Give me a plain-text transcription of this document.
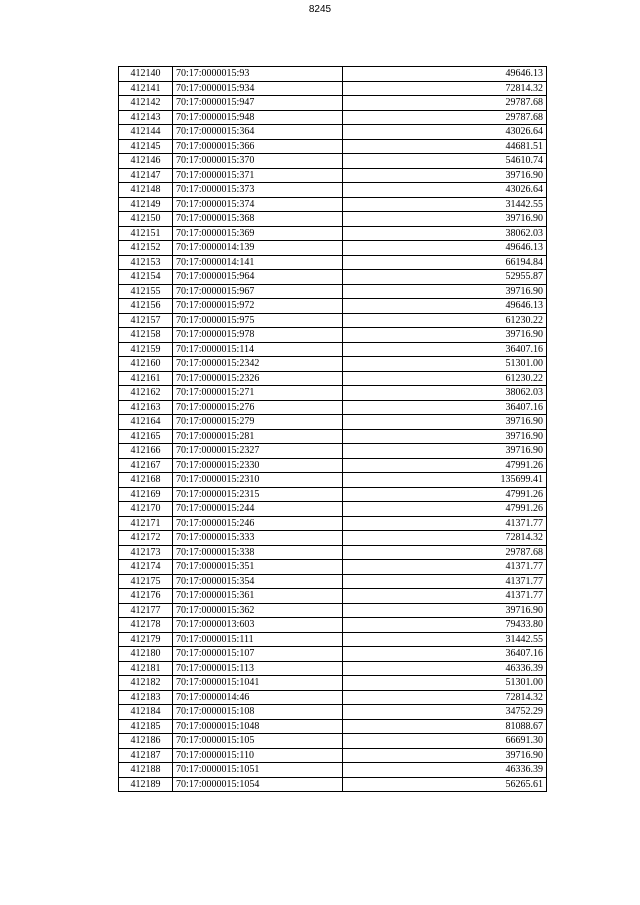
8245
412140	70:17:0000015:93	49646.13
412141	70:17:0000015:934	72814.32
412142	70:17:0000015:947	29787.68
412143	70:17:0000015:948	29787.68
412144	70:17:0000015:364	43026.64
412145	70:17:0000015:366	44681.51
412146	70:17:0000015:370	54610.74
412147	70:17:0000015:371	39716.90
412148	70:17:0000015:373	43026.64
412149	70:17:0000015:374	31442.55
412150	70:17:0000015:368	39716.90
412151	70:17:0000015:369	38062.03
412152	70:17:0000014:139	49646.13
412153	70:17:0000014:141	66194.84
412154	70:17:0000015:964	52955.87
412155	70:17:0000015:967	39716.90
412156	70:17:0000015:972	49646.13
412157	70:17:0000015:975	61230.22
412158	70:17:0000015:978	39716.90
412159	70:17:0000015:114	36407.16
412160	70:17:0000015:2342	51301.00
412161	70:17:0000015:2326	61230.22
412162	70:17:0000015:271	38062.03
412163	70:17:0000015:276	36407.16
412164	70:17:0000015:279	39716.90
412165	70:17:0000015:281	39716.90
412166	70:17:0000015:2327	39716.90
412167	70:17:0000015:2330	47991.26
412168	70:17:0000015:2310	135699.41
412169	70:17:0000015:2315	47991.26
412170	70:17:0000015:244	47991.26
412171	70:17:0000015:246	41371.77
412172	70:17:0000015:333	72814.32
412173	70:17:0000015:338	29787.68
412174	70:17:0000015:351	41371.77
412175	70:17:0000015:354	41371.77
412176	70:17:0000015:361	41371.77
412177	70:17:0000015:362	39716.90
412178	70:17:0000013:603	79433.80
412179	70:17:0000015:111	31442.55
412180	70:17:0000015:107	36407.16
412181	70:17:0000015:113	46336.39
412182	70:17:0000015:1041	51301.00
412183	70:17:0000014:46	72814.32
412184	70:17:0000015:108	34752.29
412185	70:17:0000015:1048	81088.67
412186	70:17:0000015:105	66691.30
412187	70:17:0000015:110	39716.90
412188	70:17:0000015:1051	46336.39
412189	70:17:0000015:1054	56265.61
